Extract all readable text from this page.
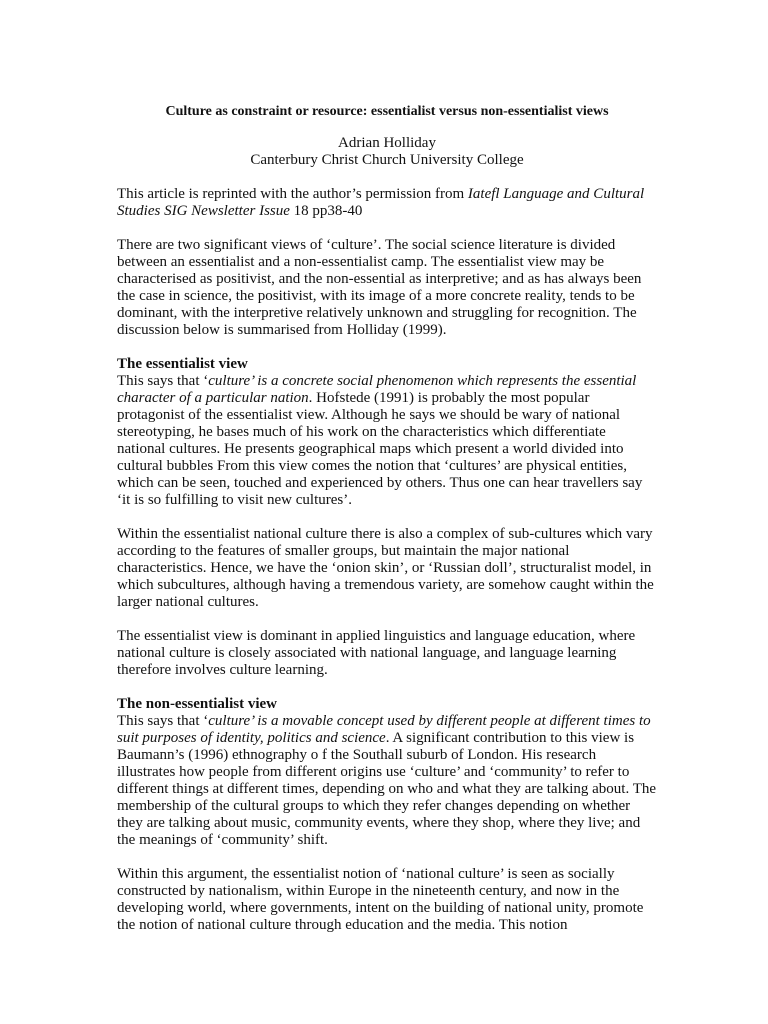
Culture as constraint or resource: essentialist versus non-essentialist views
Adrian Holliday
Canterbury Christ Church University College

This article is reprinted with the author’s permission from Iatefl Language and Cultural Studies SIG Newsletter Issue 18 pp38-40

There are two significant views of ‘culture’. The social science literature is divided between an essentialist and a non-essentialist camp. The essentialist view may be characterised as positivist, and the non-essential as interpretive; and as has always been the case in science, the positivist, with its image of a more concrete reality, tends to be dominant, with the interpretive relatively unknown and struggling for recognition. The discussion below is summarised from Holliday (1999).

The essentialist view
This says that ‘culture’ is a concrete social phenomenon which represents the essential character of a particular nation. Hofstede (1991) is probably the most popular protagonist of the essentialist view. Although he says we should be wary of national stereotyping, he bases much of his work on the characteristics which differentiate national cultures. He presents geographical maps which present a world divided into cultural bubbles From this view comes the notion that ‘cultures’ are physical entities, which can be seen, touched and experienced by others. Thus one can hear travellers say ‘it is so fulfilling to visit new cultures’.

Within the essentialist national culture there is also a complex of sub-cultures which vary according to the features of smaller groups, but maintain the major national characteristics. Hence, we have the ‘onion skin’, or ‘Russian doll’, structuralist model, in which subcultures, although having a tremendous variety, are somehow caught within the larger national cultures.

The essentialist view is dominant in applied linguistics and language education, where national culture is closely associated with national language, and language learning therefore involves culture learning.

The non-essentialist view
This says that ‘culture’ is a movable concept used by different people at different times to suit purposes of identity, politics and science. A significant contribution to this view is Baumann’s (1996) ethnography o f the Southall suburb of London. His research illustrates how people from different origins use ‘culture’ and ‘community’ to refer to different things at different times, depending on who and what they are talking about. The membership of the cultural groups to which they refer changes depending on whether they are talking about music, community events, where they shop, where they live; and the meanings of ‘community’ shift.

Within this argument, the essentialist notion of ‘national culture’ is seen as socially constructed by nationalism, within Europe in the nineteenth century, and now in the developing world, where governments, intent on the building of national unity, promote the notion of national culture through education and the media. This notion
